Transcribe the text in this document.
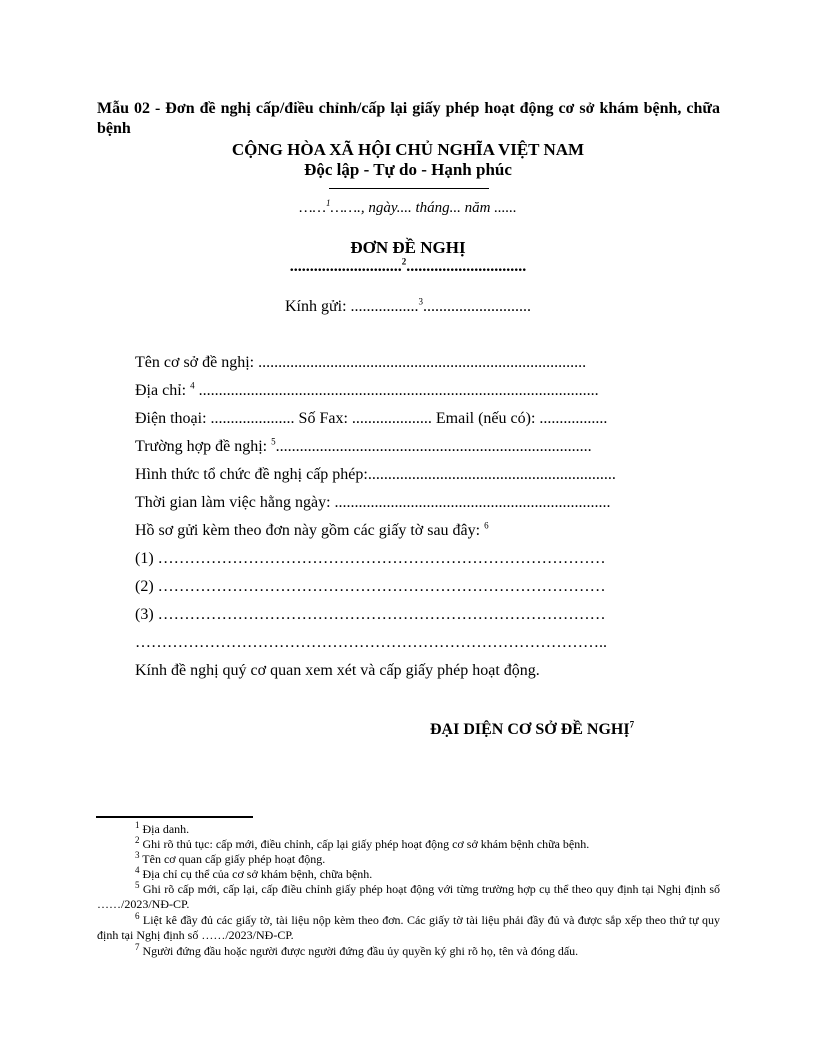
Mẫu 02 - Đơn đề nghị cấp/điều chỉnh/cấp lại giấy phép hoạt động cơ sở khám bệnh, chữa bệnh
CỘNG HÒA XÃ HỘI CHỦ NGHĨA VIỆT NAM
Độc lập - Tự do - Hạnh phúc
……$^1$……., ngày.... tháng... năm ......
ĐƠN ĐỀ NGHỊ
............................$^2$..............................
Kính gửi: .................$^3$...........................
Tên cơ sở đề nghị: ..................................................................................
Địa chỉ: $^4$ ....................................................................................................
Điện thoại: ..................... Số Fax: .................... Email (nếu có): .................
Trường hợp đề nghị: $^5$...............................................................................
Hình thức tổ chức đề nghị cấp phép:..............................................................
Thời gian làm việc hằng ngày: .....................................................................
Hồ sơ gửi kèm theo đơn này gồm các giấy tờ sau đây: $^6$
(1) …………………………………………………………………………
(2) …………………………………………………………………………
(3) …………………………………………………………………………
……………………………………………………………………………..
Kính đề nghị quý cơ quan xem xét và cấp giấy phép hoạt động.
ĐẠI DIỆN CƠ SỞ ĐỀ NGHỊ$^7$
$^1$ Địa danh.
$^2$ Ghi rõ thủ tục: cấp mới, điều chỉnh, cấp lại giấy phép hoạt động cơ sở khám bệnh chữa bệnh.
$^3$ Tên cơ quan cấp giấy phép hoạt động.
$^4$ Địa chỉ cụ thể của cơ sở khám bệnh, chữa bệnh.
$^5$ Ghi rõ cấp mới, cấp lại, cấp điều chỉnh giấy phép hoạt động với từng trường hợp cụ thể theo quy định tại Nghị định số ……/2023/NĐ-CP.
$^6$ Liệt kê đầy đủ các giấy tờ, tài liệu nộp kèm theo đơn. Các giấy tờ tài liệu phải đầy đủ và được sắp xếp theo thứ tự quy định tại Nghị định số ……/2023/NĐ-CP.
$^7$ Người đứng đầu hoặc người được người đứng đầu ủy quyền ký ghi rõ họ, tên và đóng dấu.
